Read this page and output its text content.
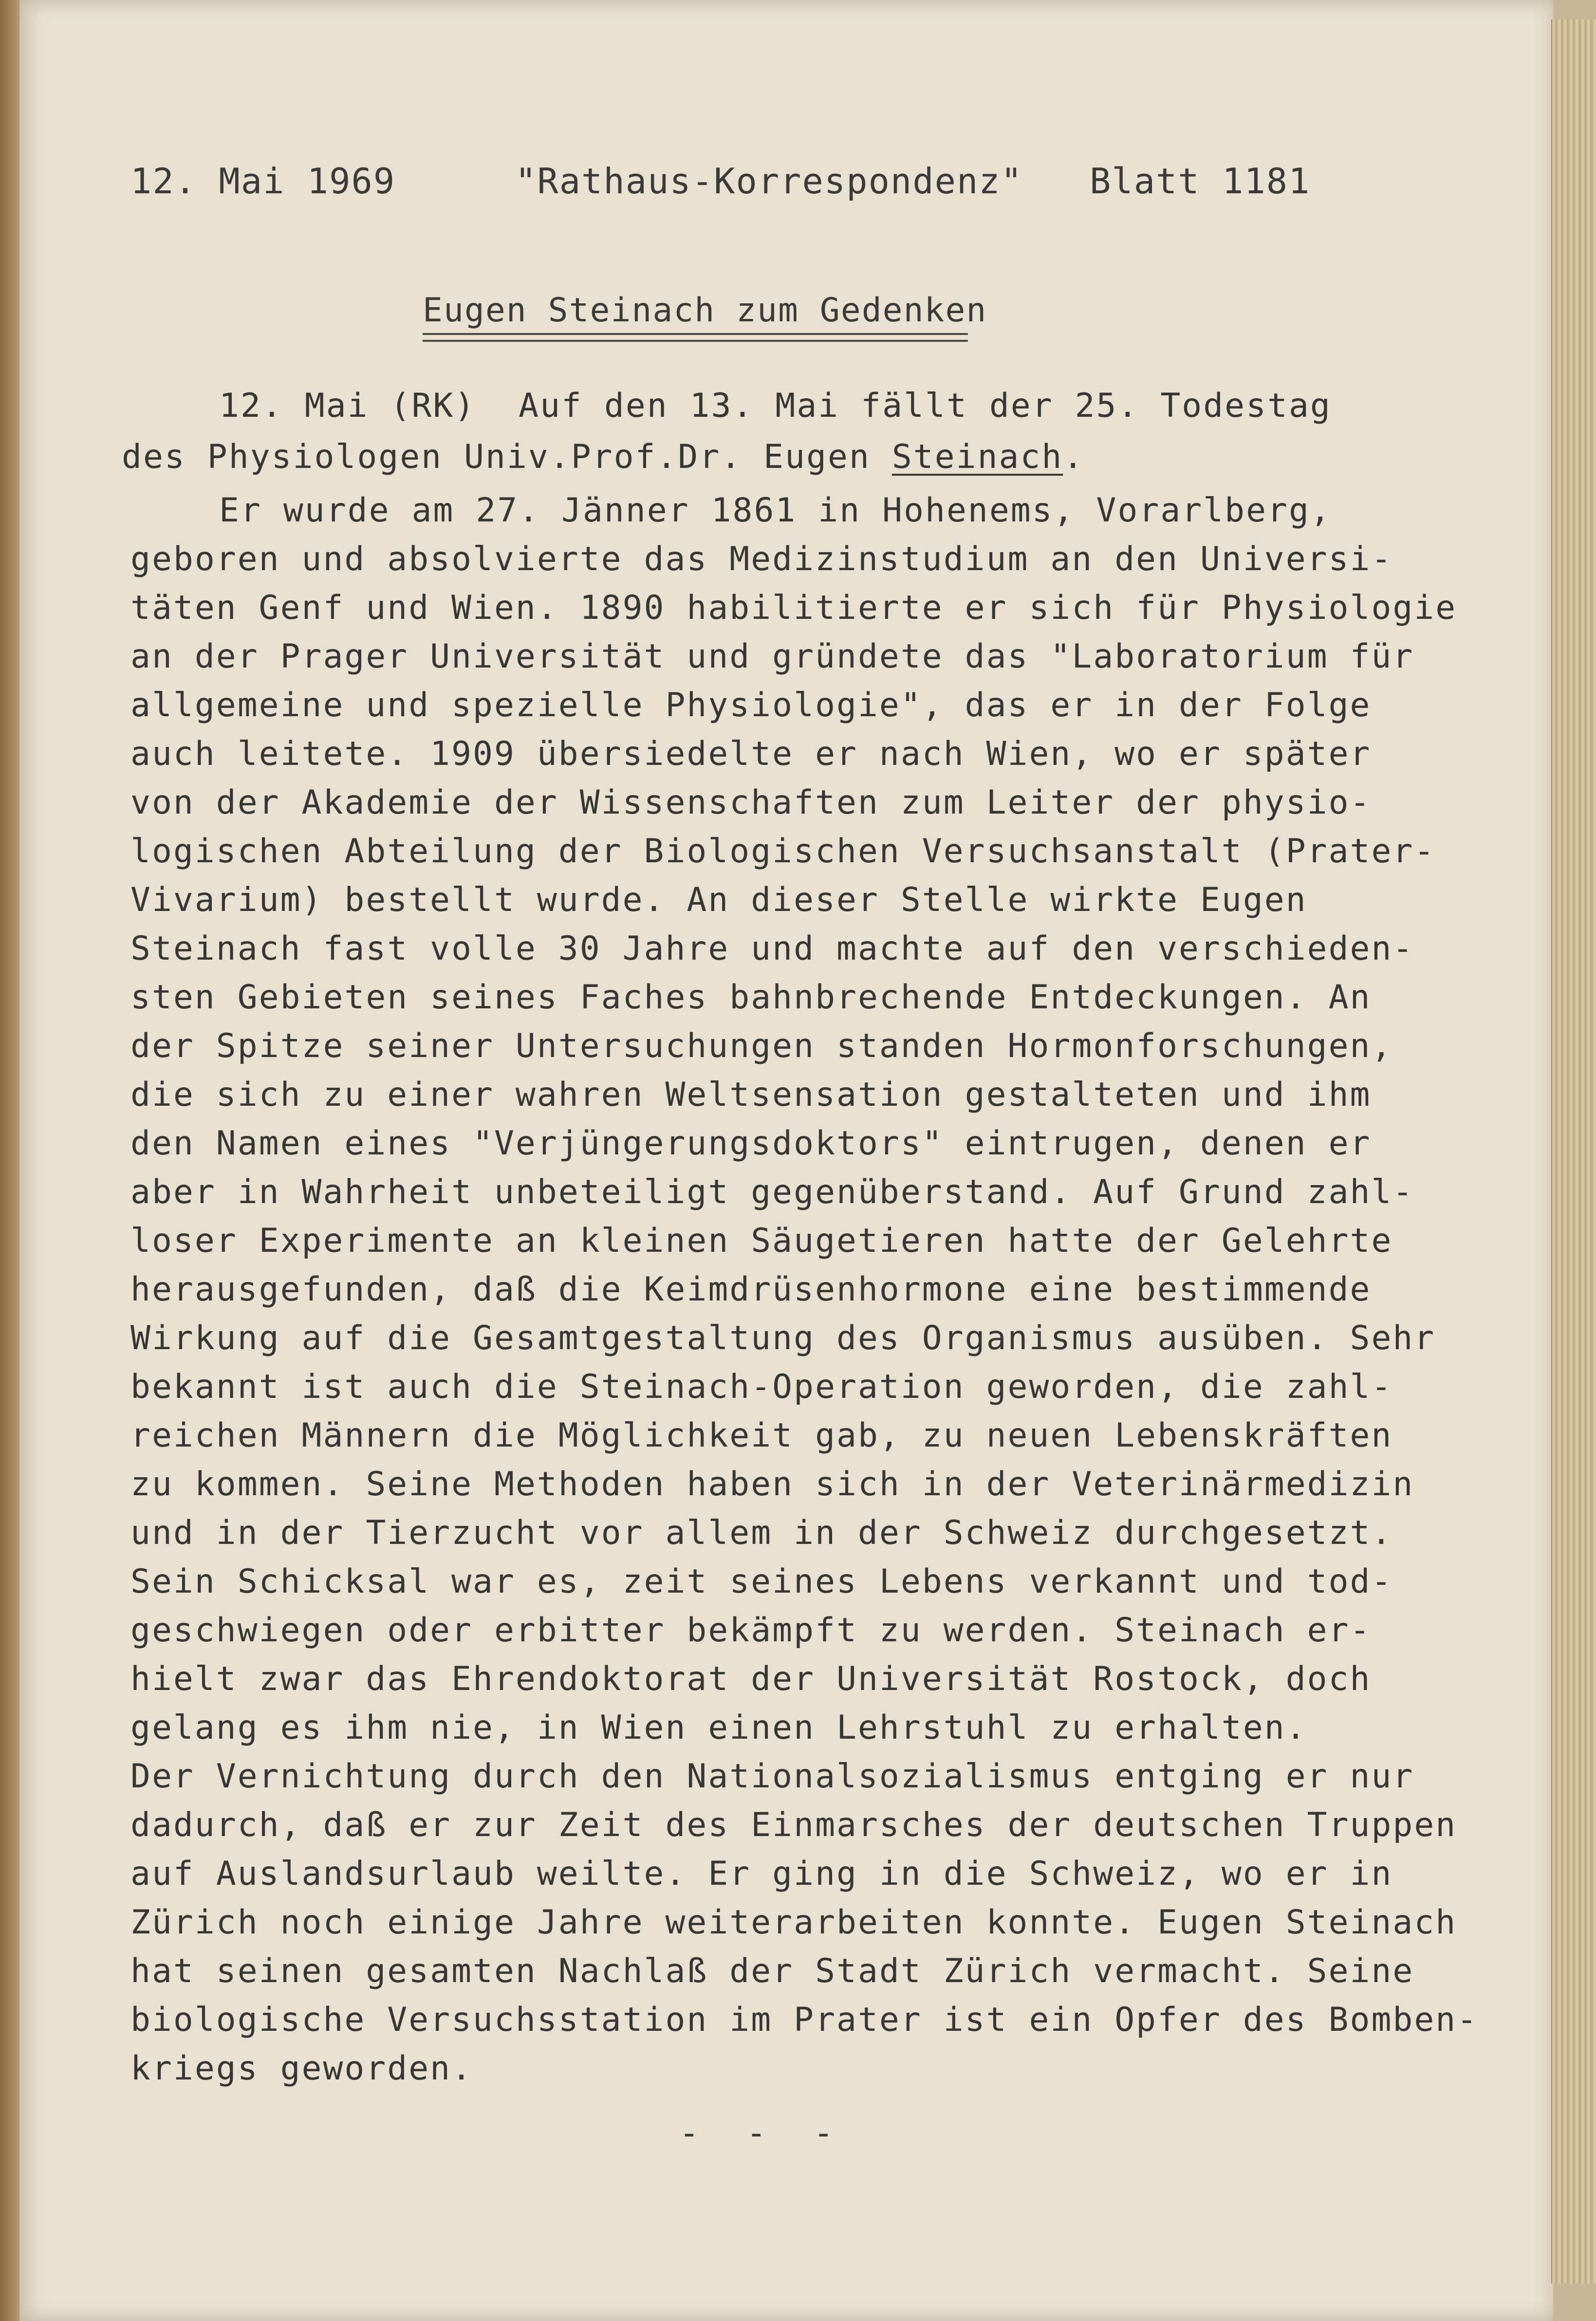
12. Mai 1969	"Rathaus-Korrespondenz" Blatt 1181
Eugen Steinach zum Gedenken
12. Mai (RK)  Auf den 13. Mai fällt der 25. Todestag
des Physiologen Univ.Prof.Dr. Eugen Steinach.
Er wurde am 27. Jänner 1861 in Hohenems, Vorarlberg,
geboren und absolvierte das Medizinstudium an den Universi-
täten Genf und Wien. 1890 habilitierte er sich für Physiologie
an der Prager Universität und gründete das "Laboratorium für
allgemeine und spezielle Physiologie", das er in der Folge
auch leitete. 1909 übersiedelte er nach Wien, wo er später
von der Akademie der Wissenschaften zum Leiter der physio-
logischen Abteilung der Biologischen Versuchsanstalt (Prater-
Vivarium) bestellt wurde. An dieser Stelle wirkte Eugen
Steinach fast volle 30 Jahre und machte auf den verschieden-
sten Gebieten seines Faches bahnbrechende Entdeckungen. An
der Spitze seiner Untersuchungen standen Hormonforschungen,
die sich zu einer wahren Weltsensation gestalteten und ihm
den Namen eines "Verjüngerungsdoktors" eintrugen, denen er
aber in Wahrheit unbeteiligt gegenüberstand. Auf Grund zahl-
loser Experimente an kleinen Säugetieren hatte der Gelehrte
herausgefunden, daß die Keimdrüsenhormone eine bestimmende
Wirkung auf die Gesamtgestaltung des Organismus ausüben. Sehr
bekannt ist auch die Steinach-Operation geworden, die zahl-
reichen Männern die Möglichkeit gab, zu neuen Lebenskräften
zu kommen. Seine Methoden haben sich in der Veterinärmedizin
und in der Tierzucht vor allem in der Schweiz durchgesetzt.
Sein Schicksal war es, zeit seines Lebens verkannt und tod-
geschwiegen oder erbitter bekämpft zu werden. Steinach er-
hielt zwar das Ehrendoktorat der Universität Rostock, doch
gelang es ihm nie, in Wien einen Lehrstuhl zu erhalten.
Der Vernichtung durch den Nationalsozialismus entging er nur
dadurch, daß er zur Zeit des Einmarsches der deutschen Truppen
auf Auslandsurlaub weilte. Er ging in die Schweiz, wo er in
Zürich noch einige Jahre weiterarbeiten konnte. Eugen Steinach
hat seinen gesamten Nachlaß der Stadt Zürich vermacht. Seine
biologische Versuchsstation im Prater ist ein Opfer des Bomben-
kriegs geworden.
- - -
